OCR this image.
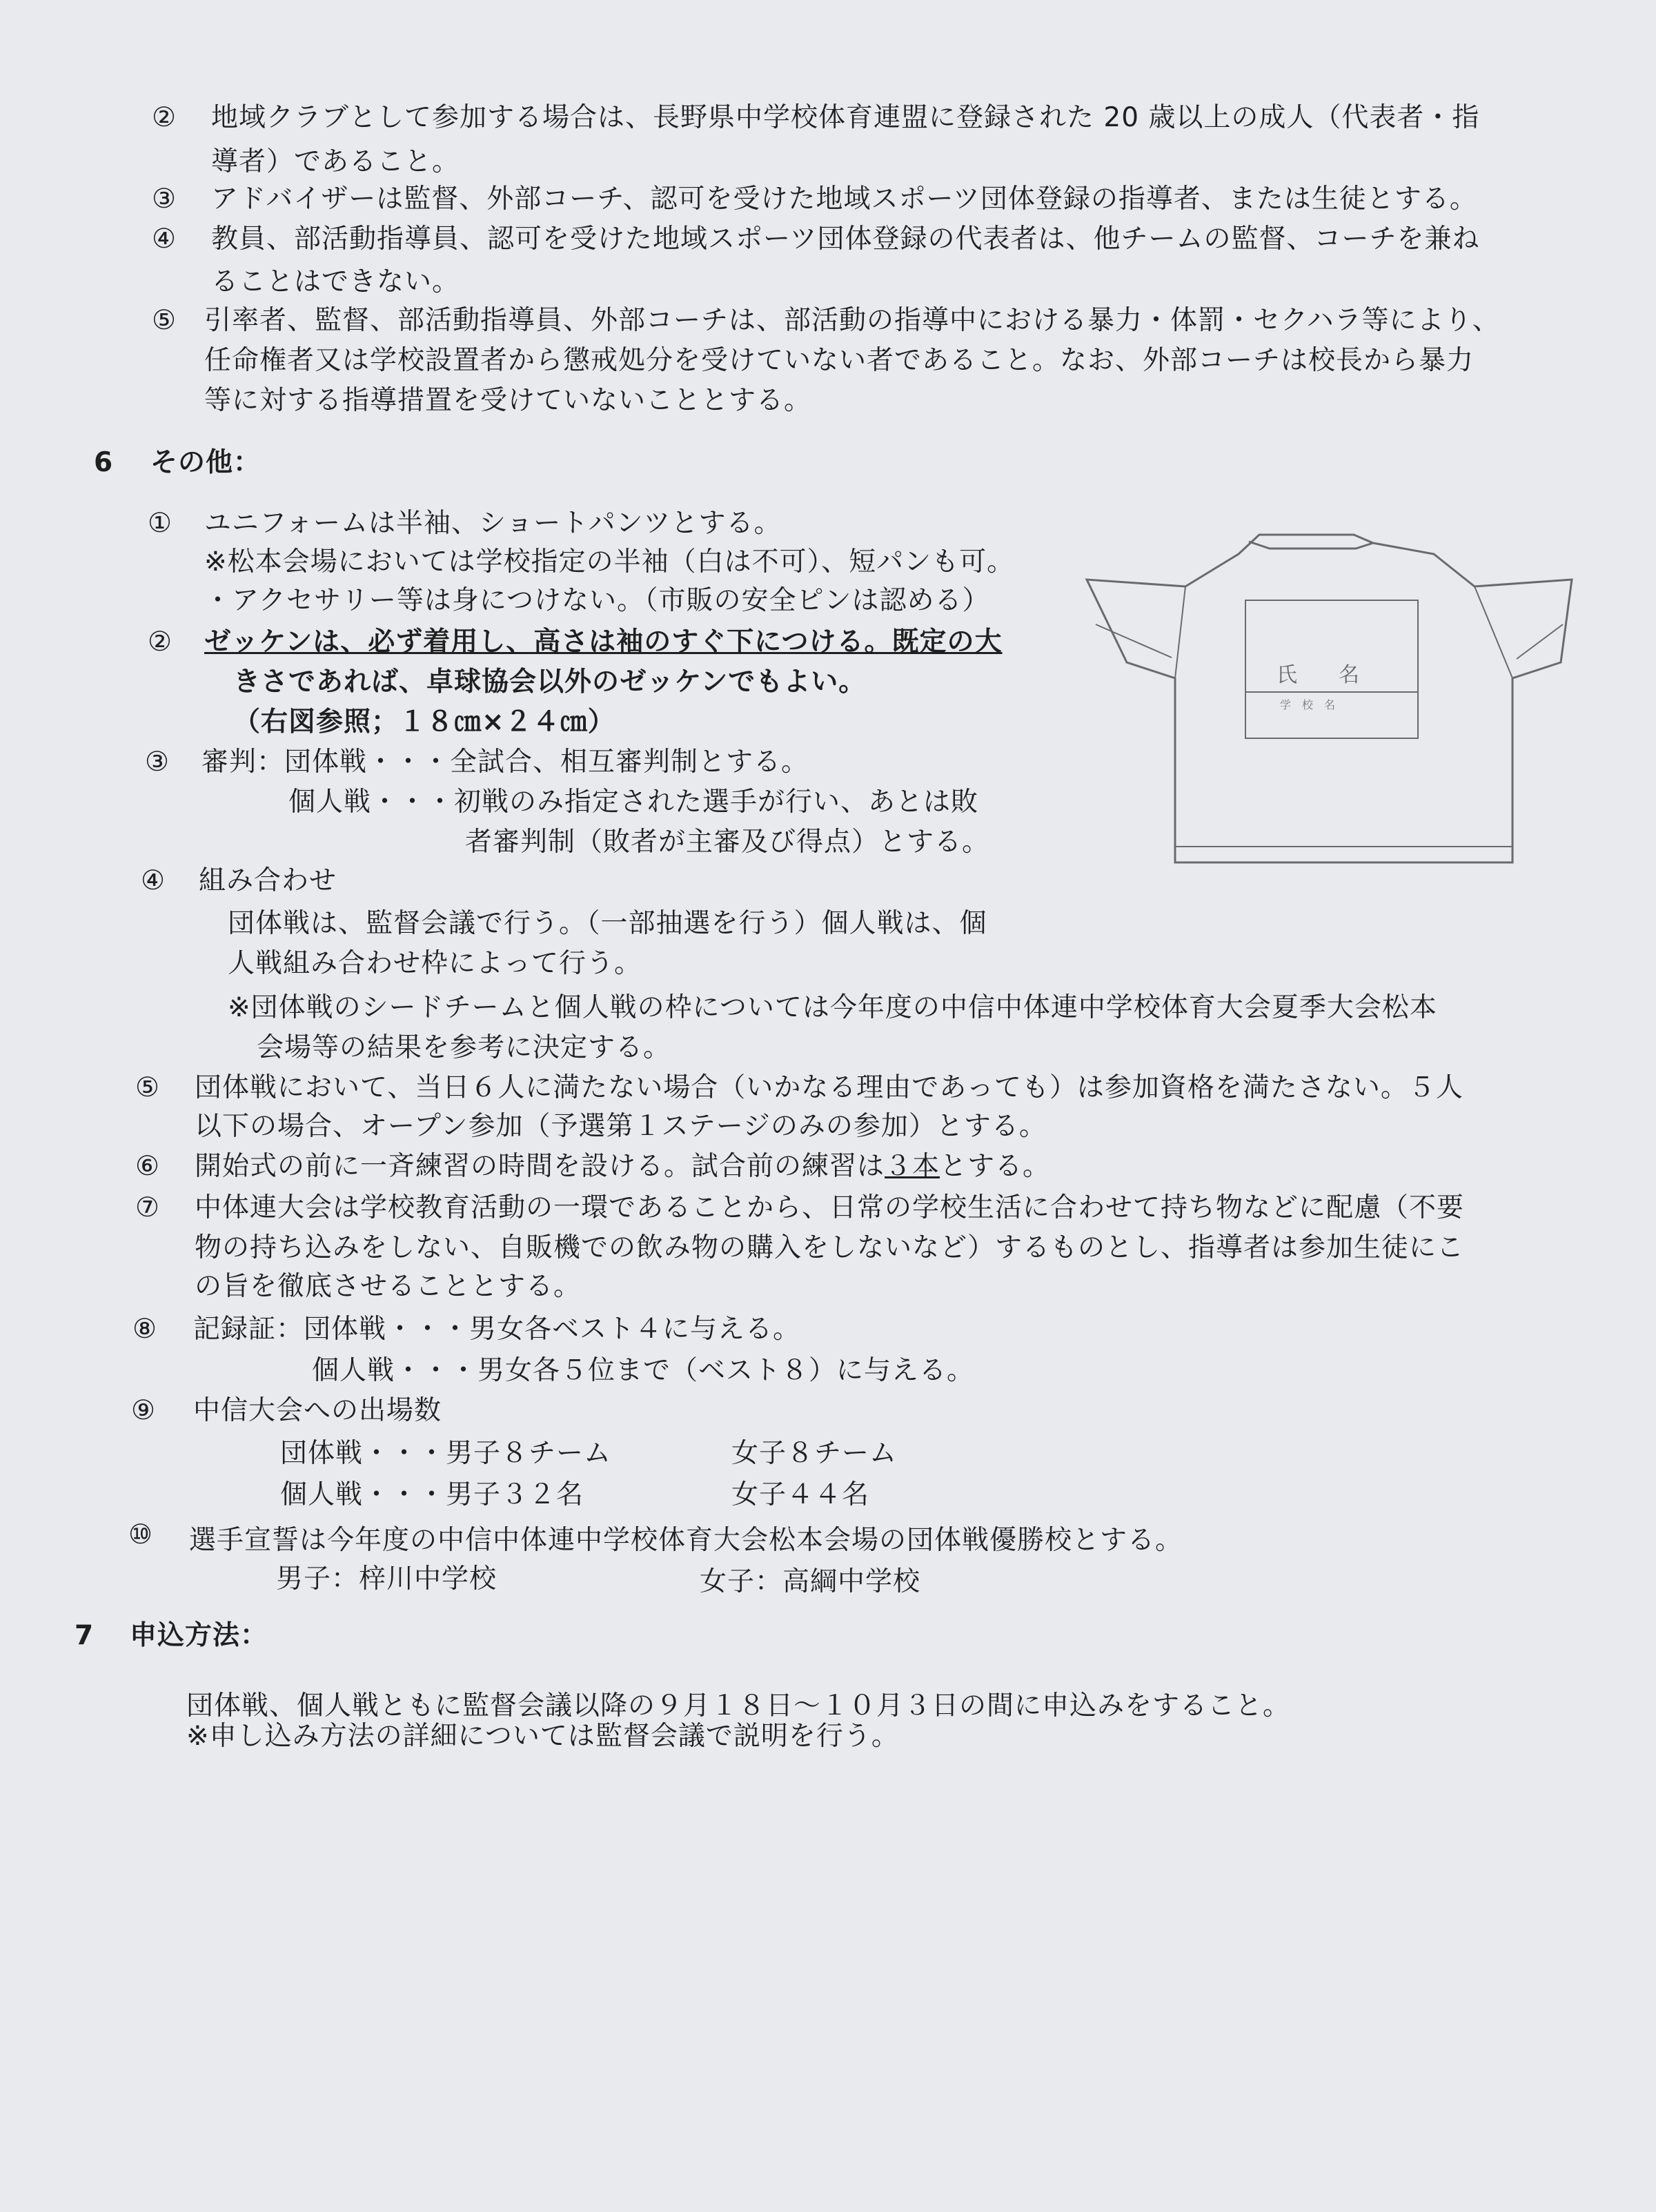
② 地域クラブとして参加する場合は、長野県中学校体育連盟に登録された 20 歳以上の成人（代表者・指
導者）であること。
③ アドバイザーは監督、外部コーチ、認可を受けた地域スポーツ団体登録の指導者、または生徒とする。
④ 教員、部活動指導員、認可を受けた地域スポーツ団体登録の代表者は、他チームの監督、コーチを兼ね
ることはできない。
⑤ 引率者、監督、部活動指導員、外部コーチは、部活動の指導中における暴力・体罰・セクハラ等により、
任命権者又は学校設置者から懲戒処分を受けていない者であること。なお、外部コーチは校長から暴力
等に対する指導措置を受けていないこととする。
6 その他：
① ユニフォームは半袖、ショートパンツとする。
※松本会場においては学校指定の半袖（白は不可）、短パンも可。
・アクセサリー等は身につけない。（市販の安全ピンは認める）
② ゼッケンは、必ず着用し、高さは袖のすぐ下につける。既定の大
きさであれば、卓球協会以外のゼッケンでもよい。
（右図参照；１８㎝×２４㎝）
③ 審判：団体戦・・・全試合、相互審判制とする。
個人戦・・・初戦のみ指定された選手が行い、あとは敗
者審判制（敗者が主審及び得点）とする。
④ 組み合わせ
団体戦は、監督会議で行う。（一部抽選を行う）個人戦は、個
人戦組み合わせ枠によって行う。
※団体戦のシードチームと個人戦の枠については今年度の中信中体連中学校体育大会夏季大会松本
会場等の結果を参考に決定する。
⑤ 団体戦において、当日６人に満たない場合（いかなる理由であっても）は参加資格を満たさない。５人
以下の場合、オープン参加（予選第１ステージのみの参加）とする。
⑥ 開始式の前に一斉練習の時間を設ける。試合前の練習は３本とする。
⑦ 中体連大会は学校教育活動の一環であることから、日常の学校生活に合わせて持ち物などに配慮（不要
物の持ち込みをしない、自販機での飲み物の購入をしないなど）するものとし、指導者は参加生徒にこ
の旨を徹底させることとする。
⑧ 記録証：団体戦・・・男女各ベスト４に与える。
個人戦・・・男女各５位まで（ベスト８）に与える。
⑨ 中信大会への出場数
団体戦・・・男子８チーム	女子８チーム
個人戦・・・男子３２名	女子４４名
⑩ 選手宣誓は今年度の中信中体連中学校体育大会松本会場の団体戦優勝校とする。
男子：梓川中学校	女子：高綱中学校
7 申込方法：
団体戦、個人戦ともに監督会議以降の９月１８日～１０月３日の間に申込みをすること。
※申し込み方法の詳細については監督会議で説明を行う。
氏　　名
学　校　名
